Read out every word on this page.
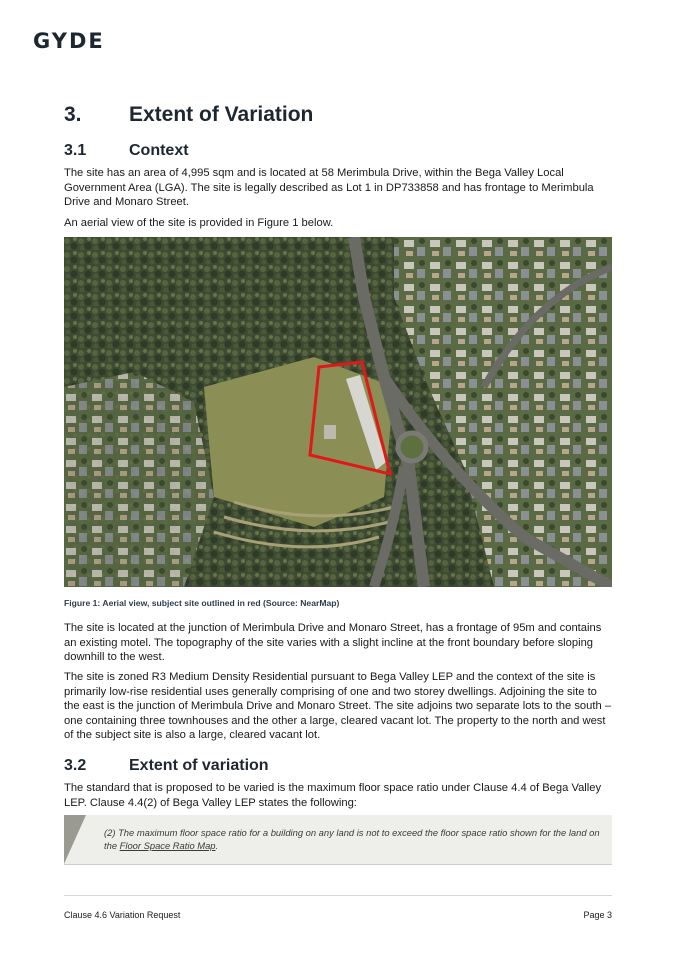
GYDE
3. Extent of Variation
3.1	Context
The site has an area of 4,995 sqm and is located at 58 Merimbula Drive, within the Bega Valley Local Government Area (LGA). The site is legally described as Lot 1 in DP733858 and has frontage to Merimbula Drive and Monaro Street.
An aerial view of the site is provided in Figure 1 below.
Figure 1: Aerial view, subject site outlined in red (Source: NearMap)
The site is located at the junction of Merimbula Drive and Monaro Street, has a frontage of 95m and contains an existing motel. The topography of the site varies with a slight incline at the front boundary before sloping downhill to the west.
The site is zoned R3 Medium Density Residential pursuant to Bega Valley LEP and the context of the site is primarily low-rise residential uses generally comprising of one and two storey dwellings. Adjoining the site to the east is the junction of Merimbula Drive and Monaro Street. The site adjoins two separate lots to the south – one containing three townhouses and the other a large, cleared vacant lot. The property to the north and west of the subject site is also a large, cleared vacant lot.
3.2	Extent of variation
The standard that is proposed to be varied is the maximum floor space ratio under Clause 4.4 of Bega Valley LEP. Clause 4.4(2) of Bega Valley LEP states the following:
(2) The maximum floor space ratio for a building on any land is not to exceed the floor space ratio shown for the land on the Floor Space Ratio Map.
Clause 4.6 Variation Request	Page 3
